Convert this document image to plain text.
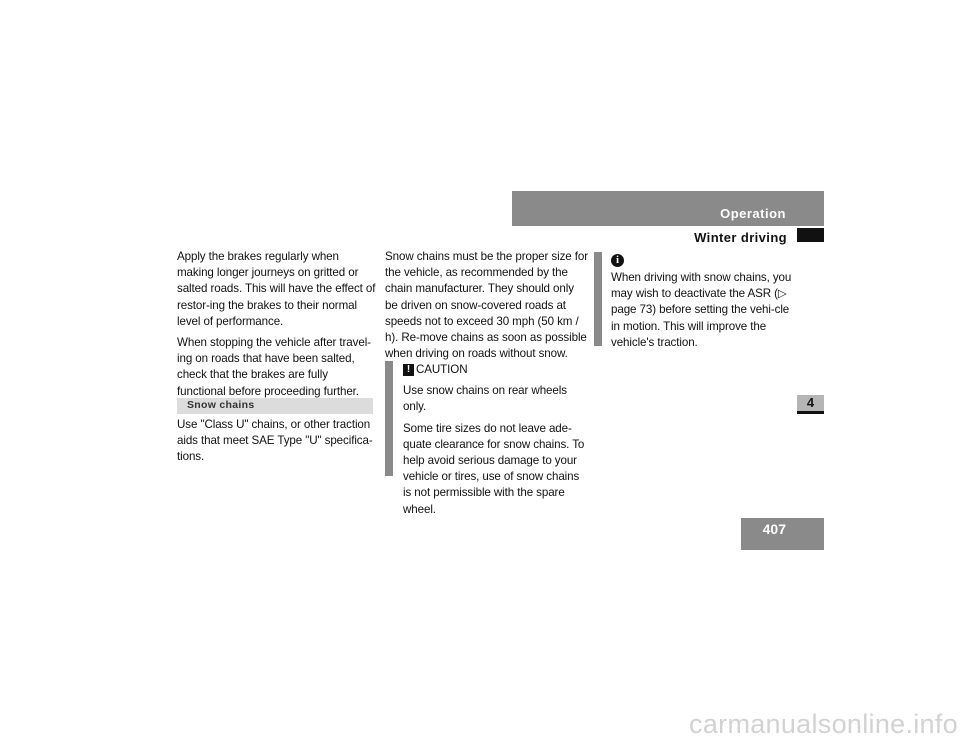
Operation
Winter driving
4
407

Apply the brakes regularly when making longer journeys on gritted or salted roads. This will have the effect of restor-ing the brakes to their normal level of performance.

When stopping the vehicle after travel-ing on roads that have been salted, check that the brakes are fully functional before proceeding further.

Snow chains

Use "Class U" chains, or other traction aids that meet SAE Type "U" specifica-tions.

Snow chains must be the proper size for the vehicle, as recommended by the chain manufacturer. They should only be driven on snow-covered roads at speeds not to exceed 30 mph (50 km / h). Re-move chains as soon as possible when driving on roads without snow.

! CAUTION

Use snow chains on rear wheels only.

Some tire sizes do not leave ade-quate clearance for snow chains. To help avoid serious damage to your vehicle or tires, use of snow chains is not permissible with the spare wheel.

i

When driving with snow chains, you may wish to deactivate the ASR (▷ page 73) before setting the vehi-cle in motion. This will improve the vehicle's traction.

carmanualsonline.info
